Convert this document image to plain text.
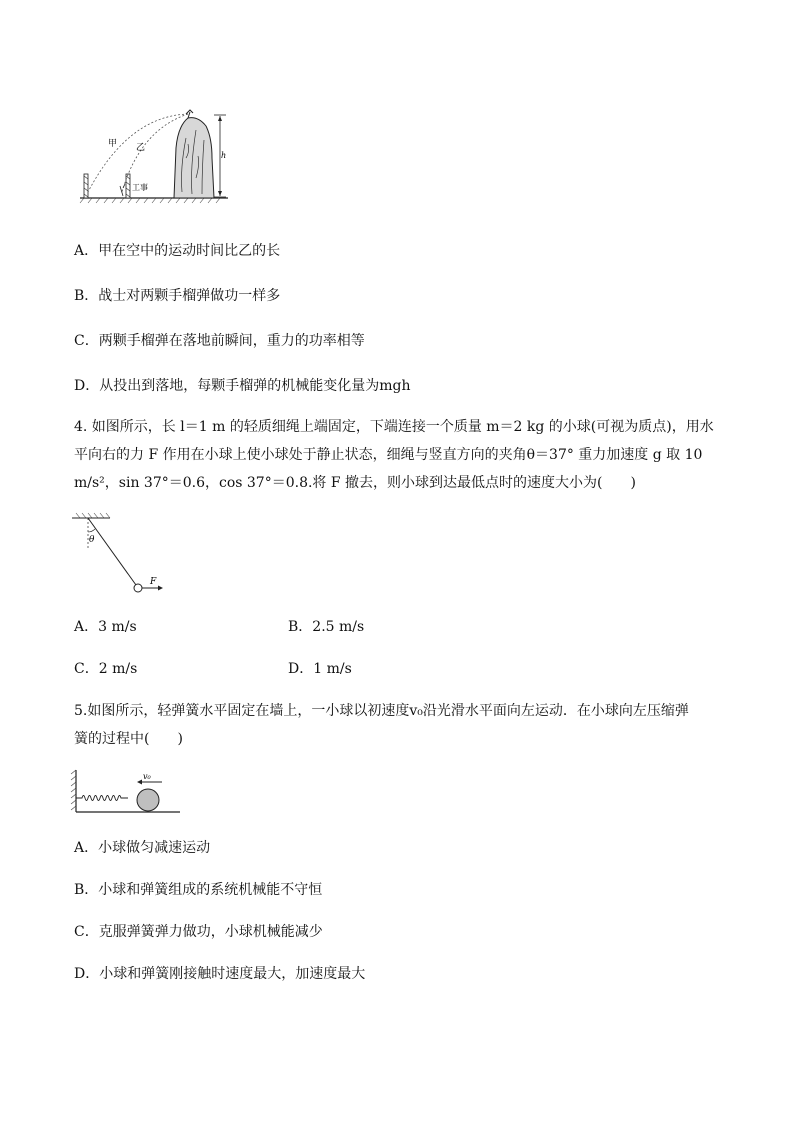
h
甲 乙
工事
A．甲在空中的运动时间比乙的长
B．战士对两颗手榴弹做功一样多
C．两颗手榴弹在落地前瞬间，重力的功率相等
D．从投出到落地，每颗手榴弹的机械能变化量为mgh
4. 如图所示，长 l＝1 m 的轻质细绳上端固定，下端连接一个质量 m＝2 kg 的小球(可视为质点)，用水
平向右的力 F 作用在小球上使小球处于静止状态，细绳与竖直方向的夹角θ＝37° 重力加速度 g 取 10
m/s²，sin 37°＝0.6，cos 37°＝0.8.将 F 撤去，则小球到达最低点时的速度大小为(　　)
θ
F
A．3 m/s	B．2.5 m/s
C．2 m/s	D．1 m/s
5.如图所示，轻弹簧水平固定在墙上，一小球以初速度v₀沿光滑水平面向左运动．在小球向左压缩弹
簧的过程中(　　)
v₀
A．小球做匀减速运动
B．小球和弹簧组成的系统机械能不守恒
C．克服弹簧弹力做功，小球机械能减少
D．小球和弹簧刚接触时速度最大，加速度最大
